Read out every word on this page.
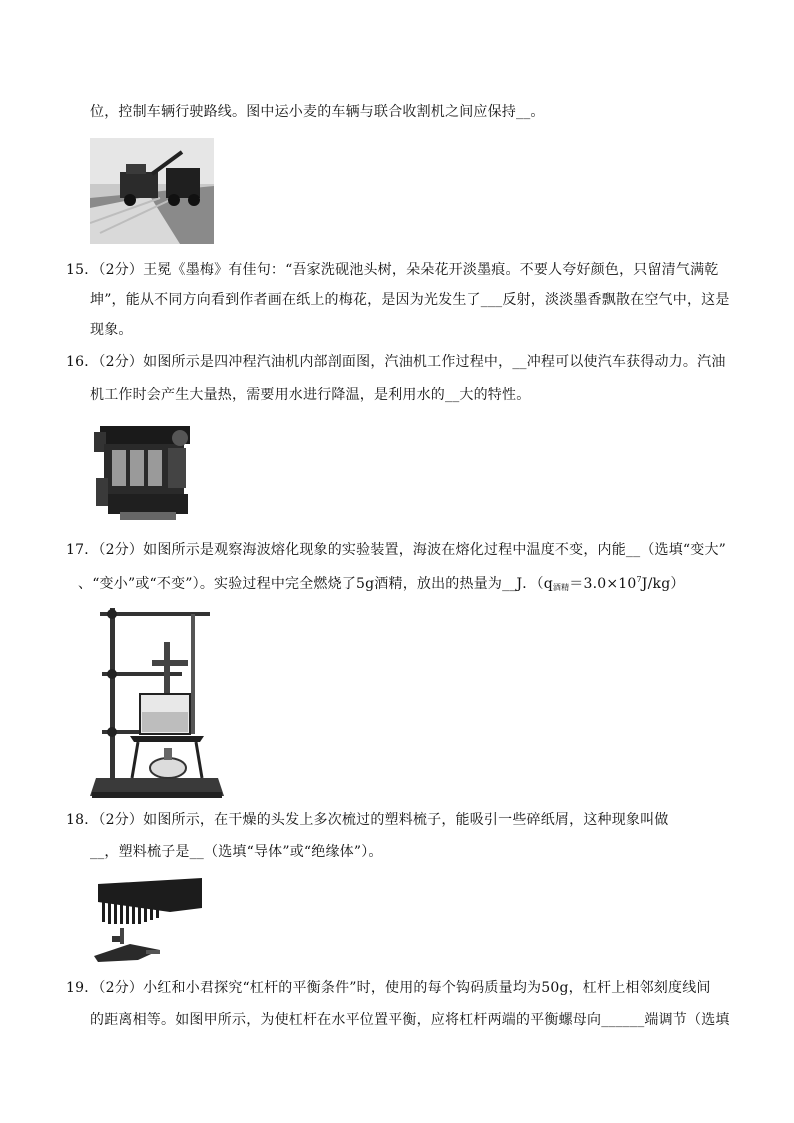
位，控制车辆行驶路线。图中运小麦的车辆与联合收割机之间应保持__。
15．（2分）王冕《墨梅》有佳句：“吾家洗砚池头树，朵朵花开淡墨痕。不要人夸好颜色，只留清气满乾
坤”，能从不同方向看到作者画在纸上的梅花，是因为光发生了___反射，淡淡墨香飘散在空气中，这是
现象。
16．（2分）如图所示是四冲程汽油机内部剖面图，汽油机工作过程中，__冲程可以使汽车获得动力。汽油
机工作时会产生大量热，需要用水进行降温，是利用水的__大的特性。
17．（2分）如图所示是观察海波熔化现象的实验装置，海波在熔化过程中温度不变，内能__（选填“变大”
、“变小”或“不变”）。实验过程中完全燃烧了5g酒精，放出的热量为__J．$(q_{酒精}=3.0\times 10^7J/kg)$
18．（2分）如图所示，在干燥的头发上多次梳过的塑料梳子，能吸引一些碎纸屑，这种现象叫做
__，塑料梳子是__（选填“导体”或“绝缘体”）。
19．（2分）小红和小君探究“杠杆的平衡条件”时，使用的每个钩码质量均为50g，杠杆上相邻刻度线间
的距离相等。如图甲所示，为使杠杆在水平位置平衡，应将杠杆两端的平衡螺母向______端调节（选填
